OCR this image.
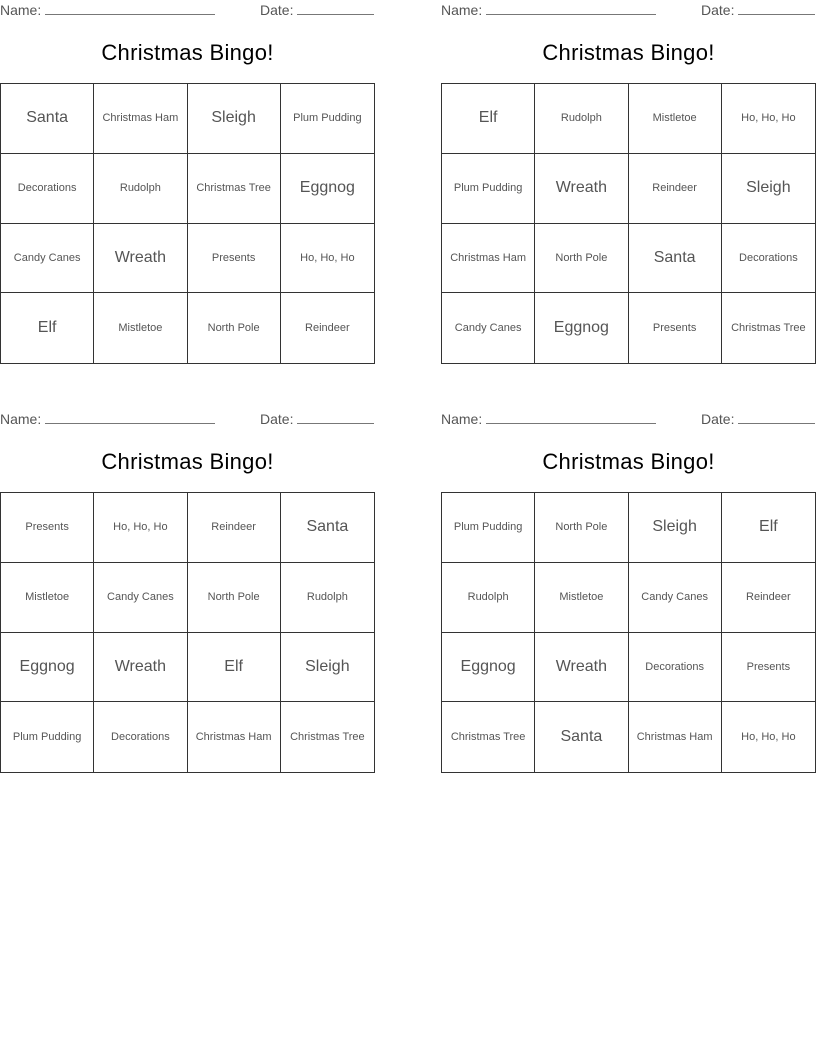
Name:	Date:
Christmas Bingo!
Santa	Christmas Ham	Sleigh	Plum Pudding
Decorations	Rudolph	Christmas Tree	Eggnog
Candy Canes	Wreath	Presents	Ho, Ho, Ho
Elf	Mistletoe	North Pole	Reindeer
Name:	Date:
Christmas Bingo!
Elf	Rudolph	Mistletoe	Ho, Ho, Ho
Plum Pudding	Wreath	Reindeer	Sleigh
Christmas Ham	North Pole	Santa	Decorations
Candy Canes	Eggnog	Presents	Christmas Tree
Name:	Date:
Christmas Bingo!
Presents	Ho, Ho, Ho	Reindeer	Santa
Mistletoe	Candy Canes	North Pole	Rudolph
Eggnog	Wreath	Elf	Sleigh
Plum Pudding	Decorations	Christmas Ham	Christmas Tree
Name:	Date:
Christmas Bingo!
Plum Pudding	North Pole	Sleigh	Elf
Rudolph	Mistletoe	Candy Canes	Reindeer
Eggnog	Wreath	Decorations	Presents
Christmas Tree	Santa	Christmas Ham	Ho, Ho, Ho
